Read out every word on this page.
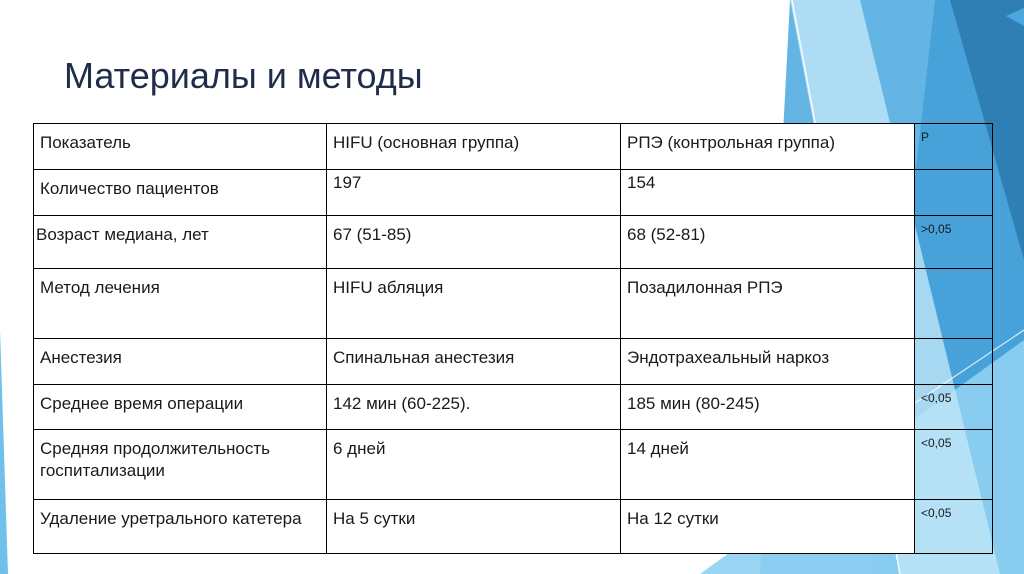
Материалы и методы
Показатель	HIFU (основная группа)	РПЭ (контрольная группа)	Р

Количество пациентов	197	154	

Возраст медиана, лет	67 (51-85)	68 (52-81)	>0,05

Метод лечения	HIFU абляция	Позадилонная РПЭ	

Анестезия	Спинальная анестезия	Эндотрахеальный наркоз	

Среднее время операции	142 мин (60-225).	185 мин (80-245)	<0,05

Средняя продолжительность госпитализации	6 дней	14 дней	<0,05

Удаление уретрального катетера	На 5 сутки	На 12 сутки	<0,05
